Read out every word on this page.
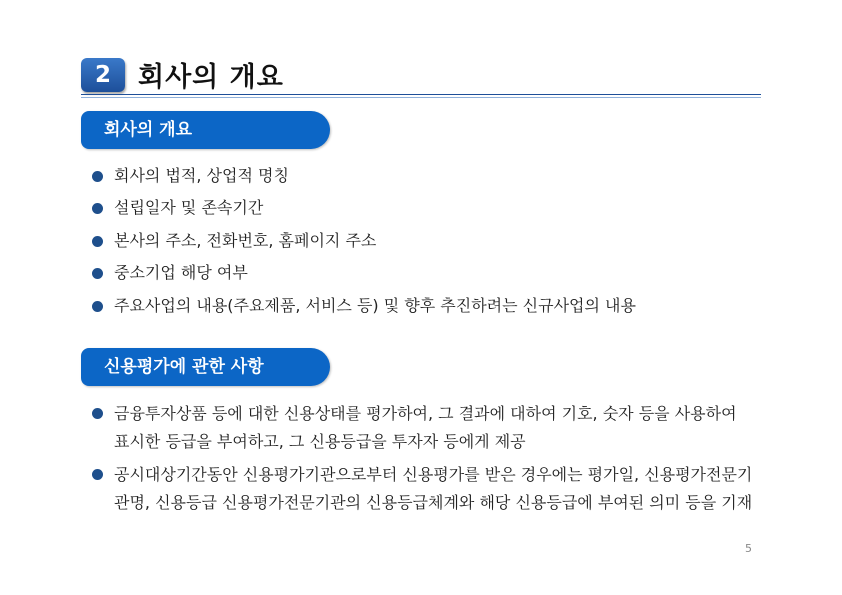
2	회사의 개요
회사의 개요
회사의 법적, 상업적 명칭
설립일자 및 존속기간
본사의 주소, 전화번호, 홈페이지 주소
중소기업 해당 여부
주요사업의 내용(주요제품, 서비스 등) 및 향후 추진하려는 신규사업의 내용
신용평가에 관한 사항
금융투자상품 등에 대한 신용상태를 평가하여, 그 결과에 대하여 기호, 숫자 등을 사용하여 표시한 등급을 부여하고, 그 신용등급을 투자자 등에게 제공
공시대상기간동안 신용평가기관으로부터 신용평가를 받은 경우에는 평가일, 신용평가전문기관명, 신용등급 신용평가전문기관의 신용등급체계와 해당 신용등급에 부여된 의미 등을 기재
5
